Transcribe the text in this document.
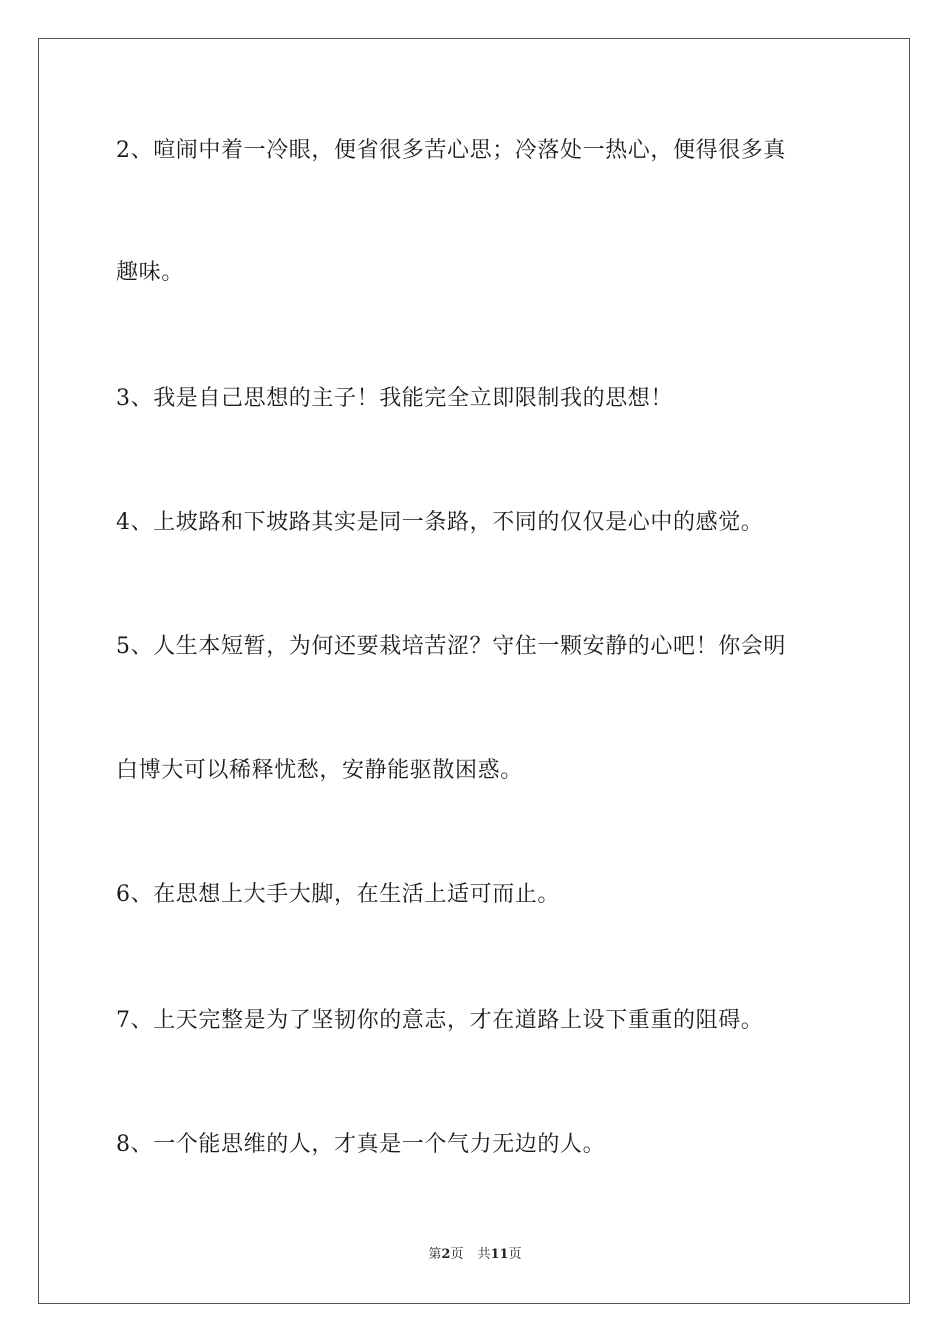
2、喧闹中着一冷眼，便省很多苦心思；冷落处一热心，便得很多真
趣味。
3、我是自己思想的主子！我能完全立即限制我的思想！
4、上坡路和下坡路其实是同一条路，不同的仅仅是心中的感觉。
5、人生本短暂，为何还要栽培苦涩？守住一颗安静的心吧！你会明
白博大可以稀释忧愁，安静能驱散困惑。
6、在思想上大手大脚，在生活上适可而止。
7、上天完整是为了坚韧你的意志，才在道路上设下重重的阻碍。
8、一个能思维的人，才真是一个气力无边的人。
第2页 共11页
